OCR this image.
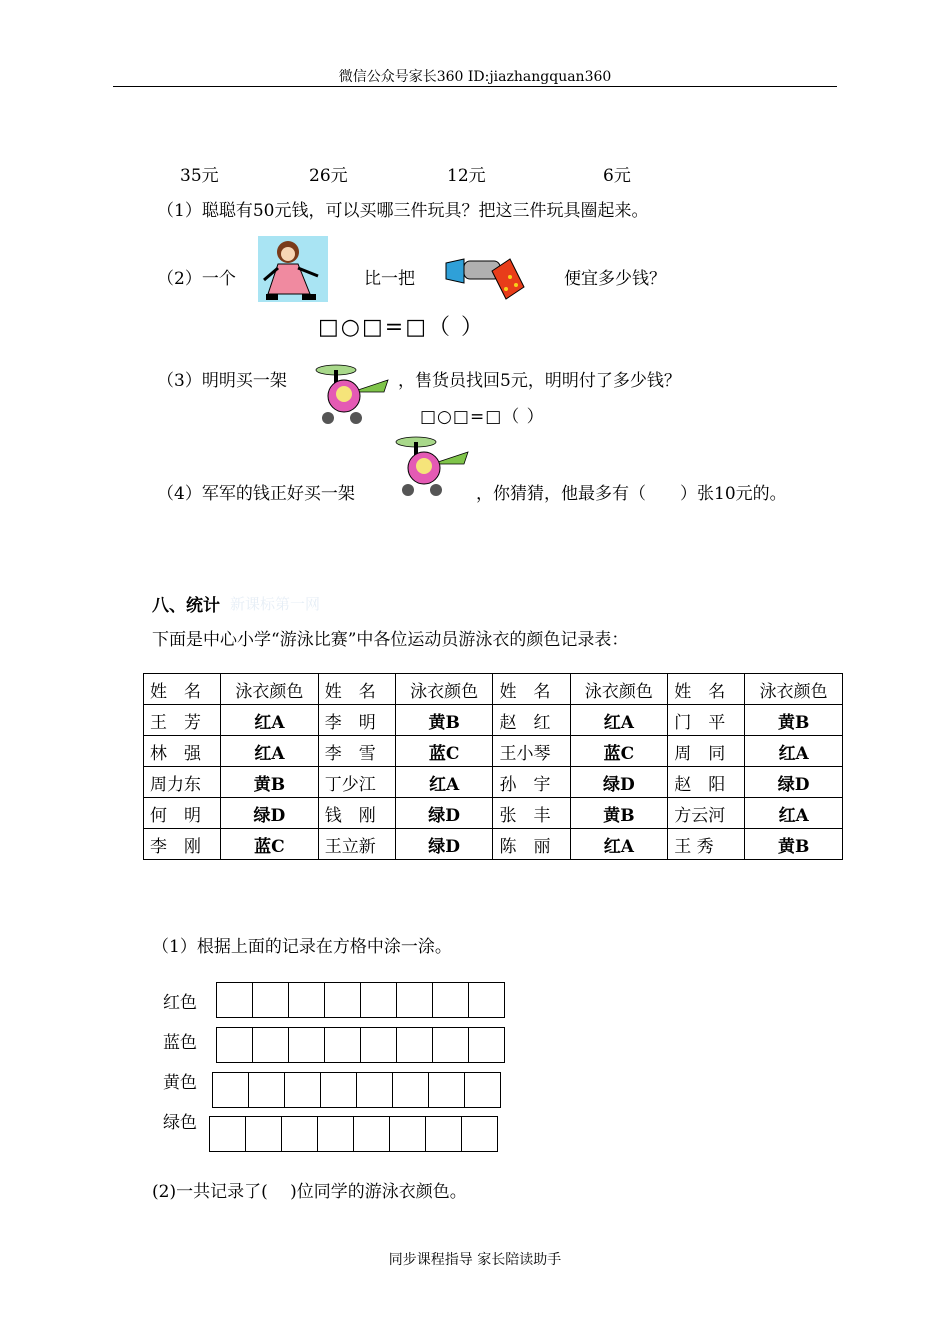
微信公众号家长360 ID:jiazhangquan360
35元	26元	12元	6元
（1）聪聪有50元钱，可以买哪三件玩具？把这三件玩具圈起来。
（2）一个	比一把	便宜多少钱？
□○□=□（ ）
（3）明明买一架	，售货员找回5元，明明付了多少钱？
□○□=□（ ）
（4）军军的钱正好买一架	，你猜猜，他最多有（　　）张10元的。
八、统计 新课标第一网
下面是中心小学“游泳比赛”中各位运动员游泳衣的颜色记录表：
姓　名	泳衣颜色	姓　名	泳衣颜色	姓　名	泳衣颜色	姓　名	泳衣颜色
王　芳	红A	李　明	黄B	赵　红	红A	门　平	黄B
林　强	红A	李　雪	蓝C	王小琴	蓝C	周　同	红A
周力东	黄B	丁少江	红A	孙　宇	绿D	赵　阳	绿D
何　明	绿D	钱　刚	绿D	张　丰	黄B	方云河	红A
李　刚	蓝C	王立新	绿D	陈　丽	红A	王 秀	黄B
（1）根据上面的记录在方格中涂一涂。
红色
蓝色
黄色
绿色
(2)一共记录了(　 )位同学的游泳衣颜色。
同步课程指导 家长陪读助手
